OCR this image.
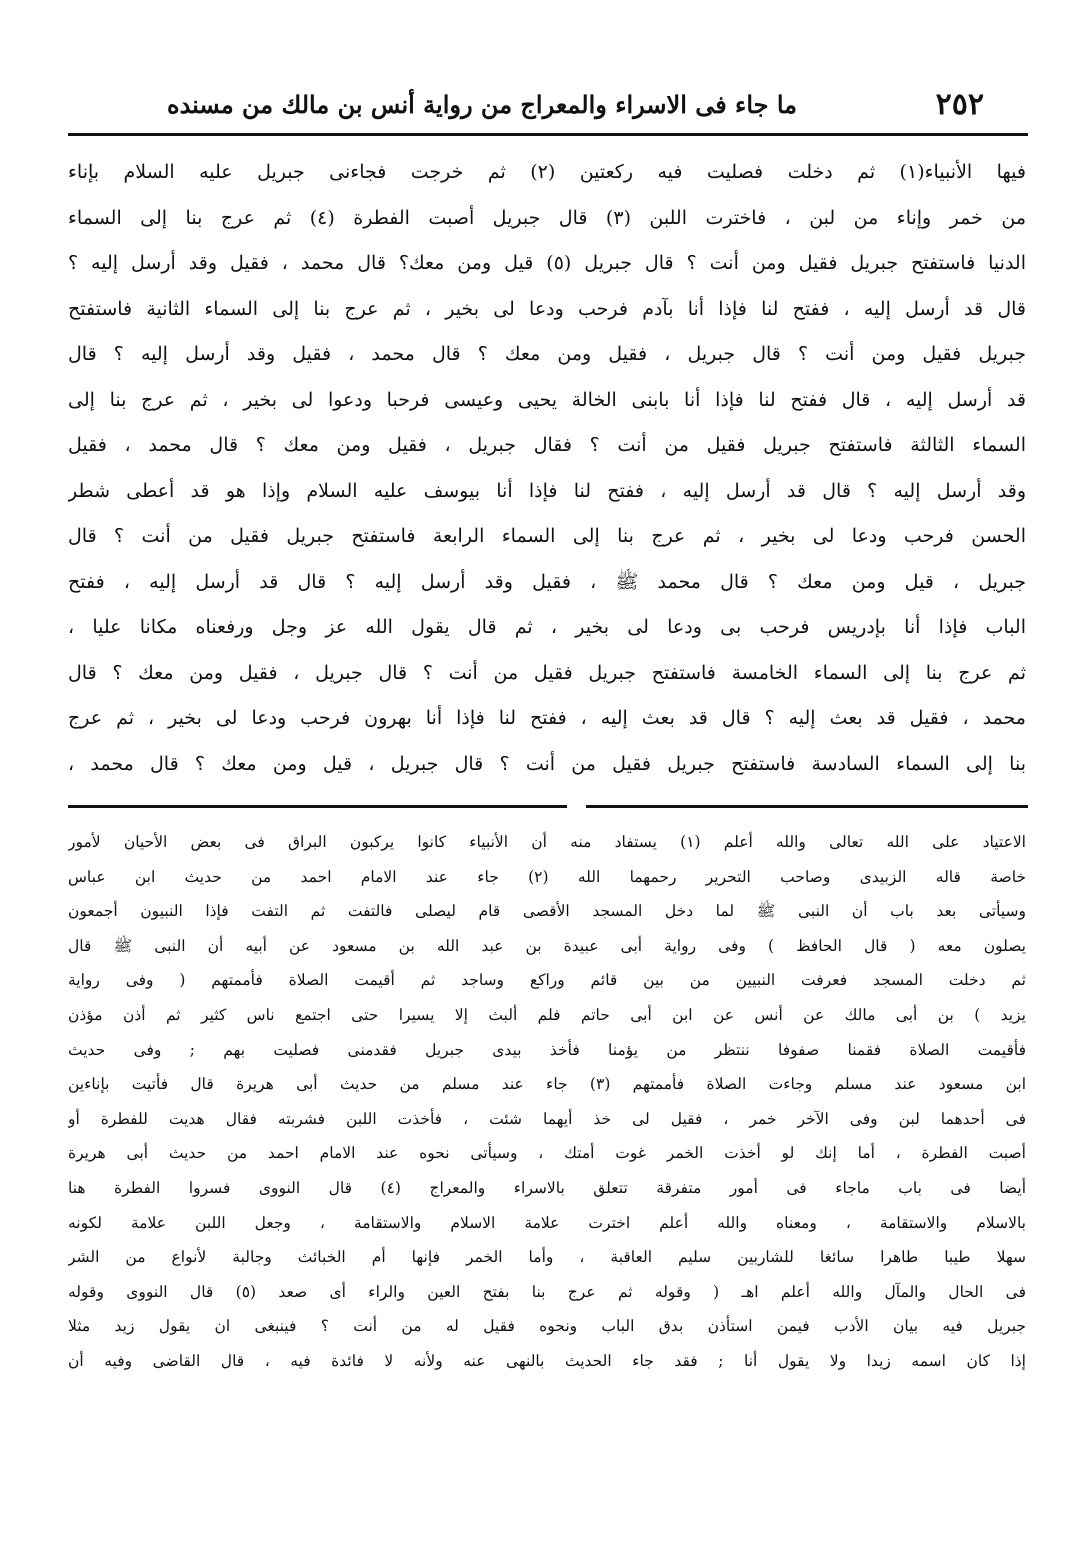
٢٥٢
ما جاء فى الاسراء والمعراج من رواية أنس بن مالك من مسنده
فيها الأنبياء(١) ثم دخلت فصليت فيه ركعتين (٢) ثم خرجت فجاءنى جبريل عليه السلام بإناء
من خمر وإناء من لبن ، فاخترت اللبن (٣) قال جبريل أصبت الفطرة (٤) ثم عرج بنا إلى السماء
الدنيا فاستفتح جبريل فقيل ومن أنت ؟ قال جبريل (٥) قيل ومن معك؟ قال محمد ، فقيل وقد أرسل إليه ؟
قال قد أرسل إليه ، ففتح لنا فإذا أنا بآدم فرحب ودعا لى بخير ، ثم عرج بنا إلى السماء الثانية فاستفتح
جبريل فقيل ومن أنت ؟ قال جبريل ، فقيل ومن معك ؟ قال محمد ، فقيل وقد أرسل إليه ؟ قال
قد أرسل إليه ، قال ففتح لنا فإذا أنا بابنى الخالة يحيى وعيسى فرحبا ودعوا لى بخير ، ثم عرج بنا إلى
السماء الثالثة فاستفتح جبريل فقيل من أنت ؟ فقال جبريل ، فقيل ومن معك ؟ قال محمد ، فقيل
وقد أرسل إليه ؟ قال قد أرسل إليه ، ففتح لنا فإذا أنا بيوسف عليه السلام وإذا هو قد أعطى شطر
الحسن فرحب ودعا لى بخير ، ثم عرج بنا إلى السماء الرابعة فاستفتح جبريل فقيل من أنت ؟ قال
جبريل ، قيل ومن معك ؟ قال محمد ﷺ ، فقيل وقد أرسل إليه ؟ قال قد أرسل إليه ، ففتح
الباب فإذا أنا بإدريس فرحب بى ودعا لى بخير ، ثم قال يقول الله عز وجل ورفعناه مكانا عليا ،
ثم عرج بنا إلى السماء الخامسة فاستفتح جبريل فقيل من أنت ؟ قال جبريل ، فقيل ومن معك ؟ قال
محمد ، فقيل قد بعث إليه ؟ قال قد بعث إليه ، ففتح لنا فإذا أنا بهرون فرحب ودعا لى بخير ، ثم عرج
بنا إلى السماء السادسة فاستفتح جبريل فقيل من أنت ؟ قال جبريل ، قيل ومن معك ؟ قال محمد ،
الاعتياد على الله تعالى والله أعلم (١) يستفاد منه أن الأنبياء كانوا يركبون البراق فى بعض الأحيان لأمور
خاصة قاله الزبيدى وصاحب التحرير رحمهما الله (٢) جاء عند الامام احمد من حديث ابن عباس
وسيأتى بعد باب أن النبى ﷺ لما دخل المسجد الأقصى قام ليصلى فالتفت ثم التفت فإذا النبيون أجمعون
يصلون معه ( قال الحافظ ) وفى رواية أبى عبيدة بن عبد الله بن مسعود عن أبيه أن النبى ﷺ قال
ثم دخلت المسجد فعرفت النبيين من بين قائم وراكع وساجد ثم أقيمت الصلاة فأممتهم ( وفى رواية
يزيد ) بن أبى مالك عن أنس عن ابن أبى حاتم فلم ألبث إلا يسيرا حتى اجتمع ناس كثير ثم أذن مؤذن
فأقيمت الصلاة فقمنا صفوفا ننتظر من يؤمنا فأخذ بيدى جبريل فقدمنى فصليت بهم ; وفى حديث
ابن مسعود عند مسلم وجاءت الصلاة فأممتهم (٣) جاء عند مسلم من حديث أبى هريرة قال فأتيت بإناءين
فى أحدهما لبن وفى الآخر خمر ، فقيل لى خذ أيهما شئت ، فأخذت اللبن فشربته فقال هديت للفطرة أو
أصبت الفطرة ، أما إنك لو أخذت الخمر غوت أمتك ، وسيأتى نحوه عند الامام احمد من حديث أبى هريرة
أيضا فى باب ماجاء فى أمور متفرقة تتعلق بالاسراء والمعراج (٤) قال النووى فسروا الفطرة هنا
بالاسلام والاستقامة ، ومعناه والله أعلم اخترت علامة الاسلام والاستقامة ، وجعل اللبن علامة لكونه
سهلا طيبا طاهرا سائغا للشاربين سليم العاقبة ، وأما الخمر فإنها أم الخبائث وجالبة لأنواع من الشر
فى الحال والمآل والله أعلم اهـ ( وقوله ثم عرج بنا بفتح العين والراء أى صعد (٥) قال النووى وقوله
جبريل فيه بيان الأدب فيمن استأذن بدق الباب ونحوه فقيل له من أنت ؟ فينبغى ان يقول زيد مثلا
إذا كان اسمه زيدا ولا يقول أنا ; فقد جاء الحديث بالنهى عنه ولأنه لا فائدة فيه ، قال القاضى وفيه أن
